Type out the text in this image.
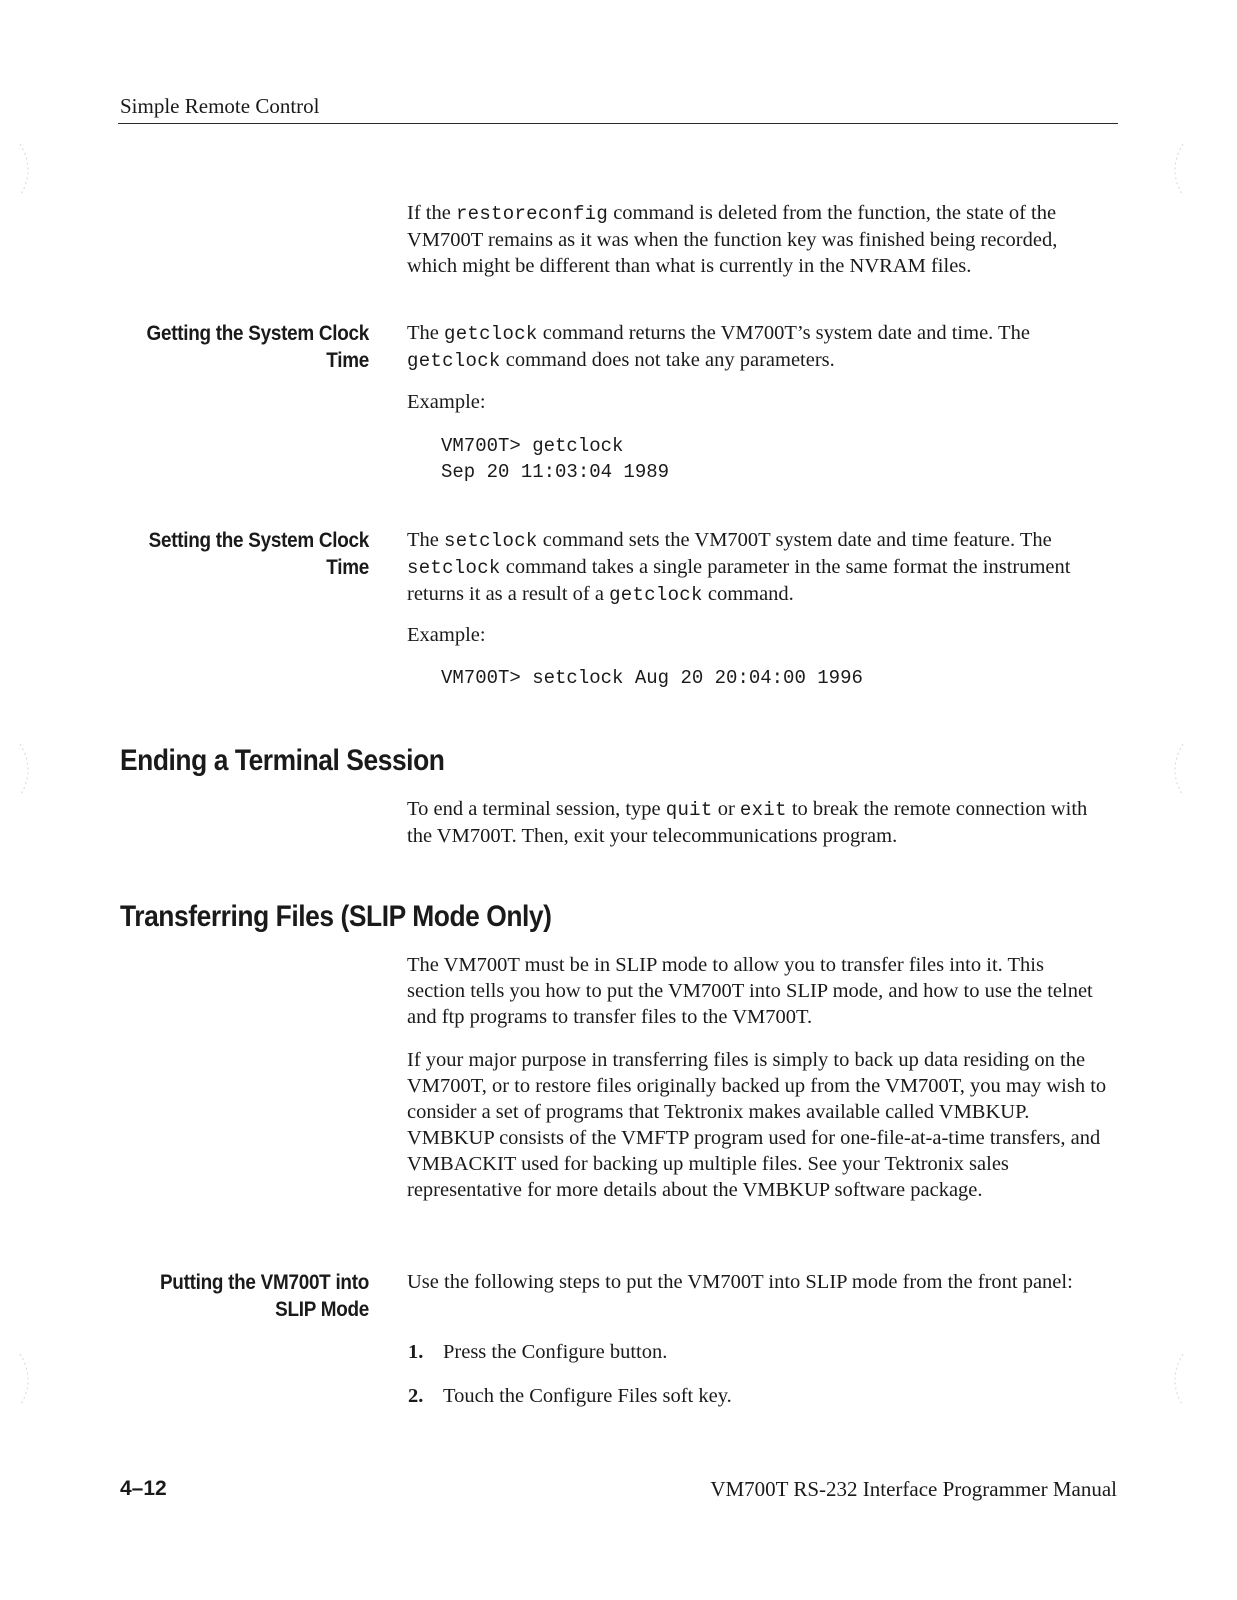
Simple Remote Control

If the restoreconfig command is deleted from the function, the state of the VM700T remains as it was when the function key was finished being recorded, which might be different than what is currently in the NVRAM files.

Getting the System Clock
Time

The getclock command returns the VM700T’s system date and time. The getclock command does not take any parameters.

Example:
VM700T> getclock
Sep 20 11:03:04 1989
Setting the System Clock
Time

The setclock command sets the VM700T system date and time feature. The setclock command takes a single parameter in the same format the instrument returns it as a result of a getclock command.

Example:
VM700T> setclock Aug 20 20:04:00 1996
Ending a Terminal Session

To end a terminal session, type quit or exit to break the remote connection with the VM700T. Then, exit your telecommunications program.

Transferring Files (SLIP Mode Only)
The VM700T must be in SLIP mode to allow you to transfer files into it. This section tells you how to put the VM700T into SLIP mode, and how to use the telnet and ftp programs to transfer files to the VM700T.
If your major purpose in transferring files is simply to back up data residing on the VM700T, or to restore files originally backed up from the VM700T, you may wish to consider a set of programs that Tektronix makes available called VMBKUP. VMBKUP consists of the VMFTP program used for one-file-at-a-time transfers, and VMBACKIT used for backing up multiple files. See your Tektronix sales representative for more details about the VMBKUP software package.
Putting the VM700T into
SLIP Mode
Use the following steps to put the VM700T into SLIP mode from the front panel:
1. Press the Configure button.
2. Touch the Configure Files soft key.
4–12	VM700T RS-232 Interface Programmer Manual
